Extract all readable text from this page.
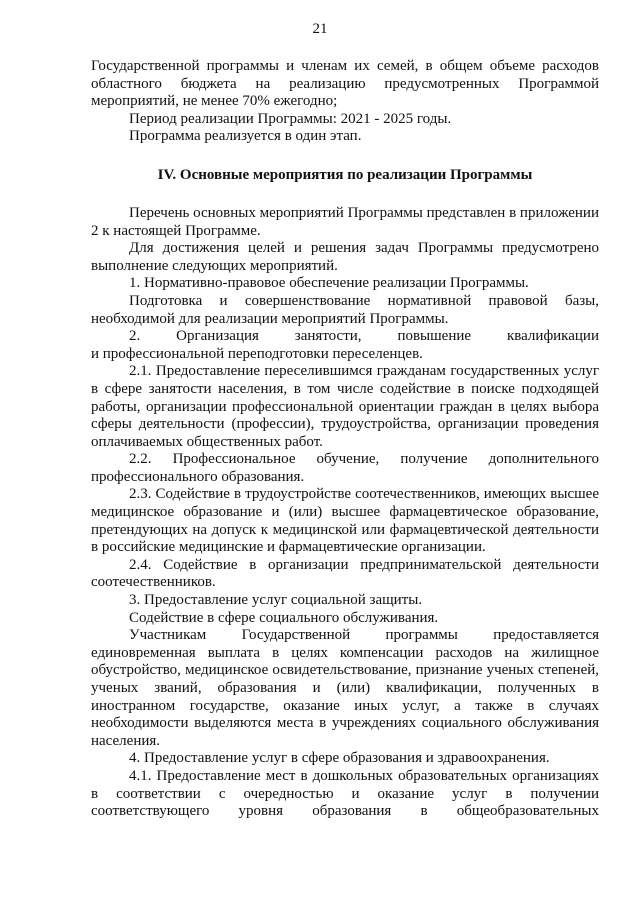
21

Государственной программы и членам их семей, в общем объеме расходов областного бюджета на реализацию предусмотренных Программой мероприятий, не менее 70% ежегодно;

Период реализации Программы: 2021 - 2025 годы.

Программа реализуется в один этап.

IV. Основные мероприятия по реализации Программы

Перечень основных мероприятий Программы представлен в приложении 2 к настоящей Программе.

Для достижения целей и решения задач Программы предусмотрено выполнение следующих мероприятий.

1. Нормативно-правовое обеспечение реализации Программы.

Подготовка и совершенствование нормативной правовой базы, необходимой для реализации мероприятий Программы.

2. Организация занятости, повышение квалификации

и профессиональной переподготовки переселенцев.

2.1. Предоставление переселившимся гражданам государственных услуг в сфере занятости населения, в том числе содействие в поиске подходящей работы, организации профессиональной ориентации граждан в целях выбора сферы деятельности (профессии), трудоустройства, организации проведения оплачиваемых общественных работ.

2.2. Профессиональное обучение, получение дополнительного профессионального образования.

2.3. Содействие в трудоустройстве соотечественников, имеющих высшее медицинское образование и (или) высшее фармацевтическое образование, претендующих на допуск к медицинской или фармацевтической деятельности в российские медицинские и фармацевтические организации.

2.4. Содействие в организации предпринимательской деятельности соотечественников.

3. Предоставление услуг социальной защиты.

Содействие в сфере социального обслуживания.

Участникам Государственной программы предоставляется единовременная выплата в целях компенсации расходов на жилищное обустройство, медицинское освидетельствование, признание ученых степеней, ученых званий, образования и (или) квалификации, полученных в иностранном государстве, оказание иных услуг, а также в случаях необходимости выделяются места в учреждениях социального обслуживания населения.

4. Предоставление услуг в сфере образования и здравоохранения.

4.1. Предоставление мест в дошкольных образовательных организациях в соответствии с очередностью и оказание услуг в получении соответствующего уровня образования в общеобразовательных
